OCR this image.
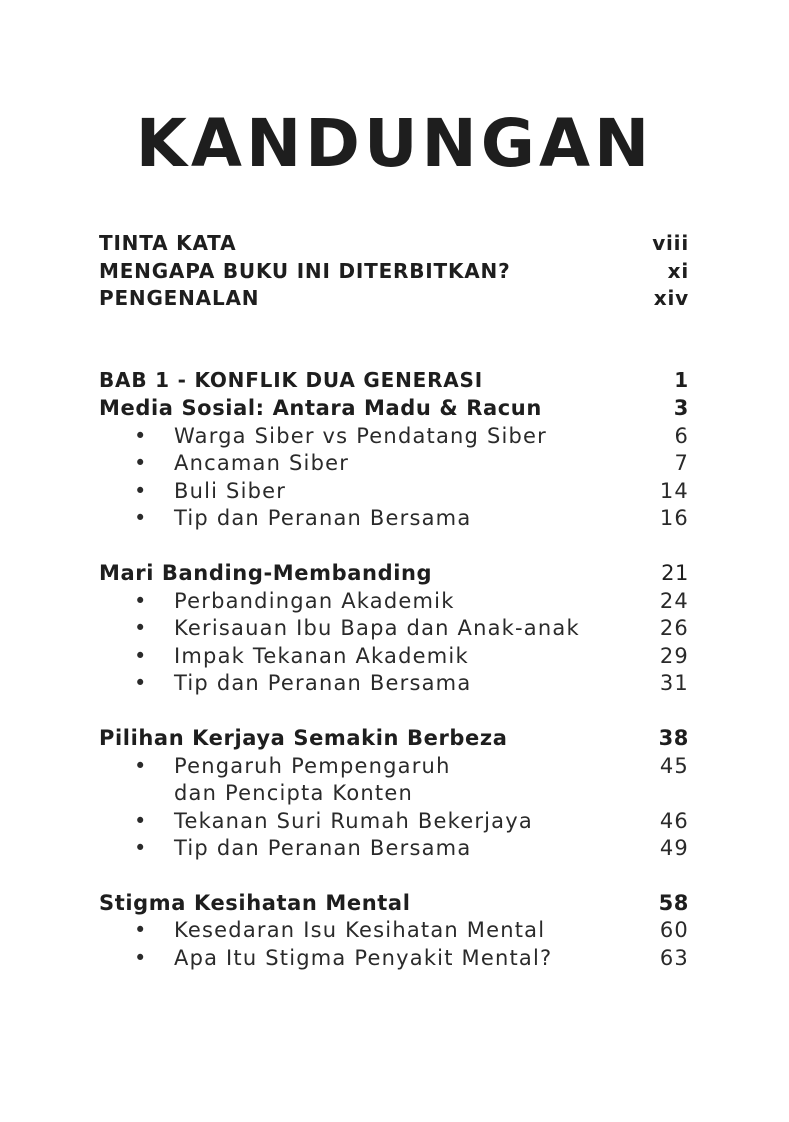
KANDUNGAN
TINTA KATA	viii
MENGAPA BUKU INI DITERBITKAN?	xi
PENGENALAN	xiv
BAB 1 - KONFLIK DUA GENERASI	1
Media Sosial: Antara Madu & Racun	3
• Warga Siber vs Pendatang Siber	6
• Ancaman Siber	7
• Buli Siber	14
• Tip dan Peranan Bersama	16
Mari Banding-Membanding	21
• Perbandingan Akademik	24
• Kerisauan Ibu Bapa dan Anak-anak	26
• Impak Tekanan Akademik	29
• Tip dan Peranan Bersama	31
Pilihan Kerjaya Semakin Berbeza	38
• Pengaruh Pempengaruh	45
dan Pencipta Konten
• Tekanan Suri Rumah Bekerjaya	46
• Tip dan Peranan Bersama	49
Stigma Kesihatan Mental	58
• Kesedaran Isu Kesihatan Mental	60
• Apa Itu Stigma Penyakit Mental?	63
